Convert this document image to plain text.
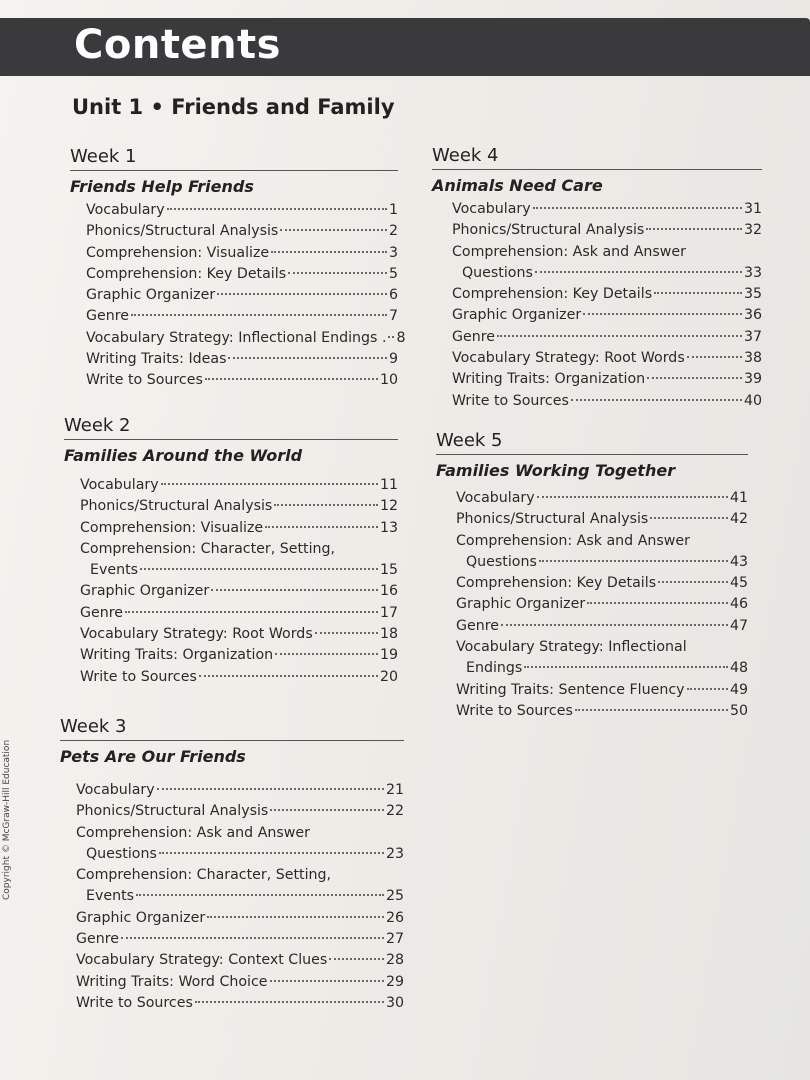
Contents
Unit 1 • Friends and Family
Copyright © McGraw-Hill Education
Week 1
Friends Help Friends
Vocabulary	1
Phonics/Structural Analysis	2
Comprehension: Visualize	3
Comprehension: Key Details	5
Graphic Organizer	6
Genre	7
Vocabulary Strategy: Inflectional Endings . 8
Writing Traits: Ideas	9
Write to Sources	10
Week 2
Families Around the World
Vocabulary	11
Phonics/Structural Analysis	12
Comprehension: Visualize	13
Comprehension: Character, Setting,
Events	15
Graphic Organizer	16
Genre	17
Vocabulary Strategy: Root Words	18
Writing Traits: Organization	19
Write to Sources	20
Week 3
Pets Are Our Friends
Vocabulary	21
Phonics/Structural Analysis	22
Comprehension: Ask and Answer
Questions	23
Comprehension: Character, Setting,
Events	25
Graphic Organizer	26
Genre	27
Vocabulary Strategy: Context Clues	28
Writing Traits: Word Choice	29
Write to Sources	30
Week 4
Animals Need Care
Vocabulary	31
Phonics/Structural Analysis	32
Comprehension: Ask and Answer
Questions	33
Comprehension: Key Details	35
Graphic Organizer	36
Genre	37
Vocabulary Strategy: Root Words	38
Writing Traits: Organization	39
Write to Sources	40
Week 5
Families Working Together
Vocabulary	41
Phonics/Structural Analysis	42
Comprehension: Ask and Answer
Questions	43
Comprehension: Key Details	45
Graphic Organizer	46
Genre	47
Vocabulary Strategy: Inflectional
Endings	48
Writing Traits: Sentence Fluency	49
Write to Sources	50
